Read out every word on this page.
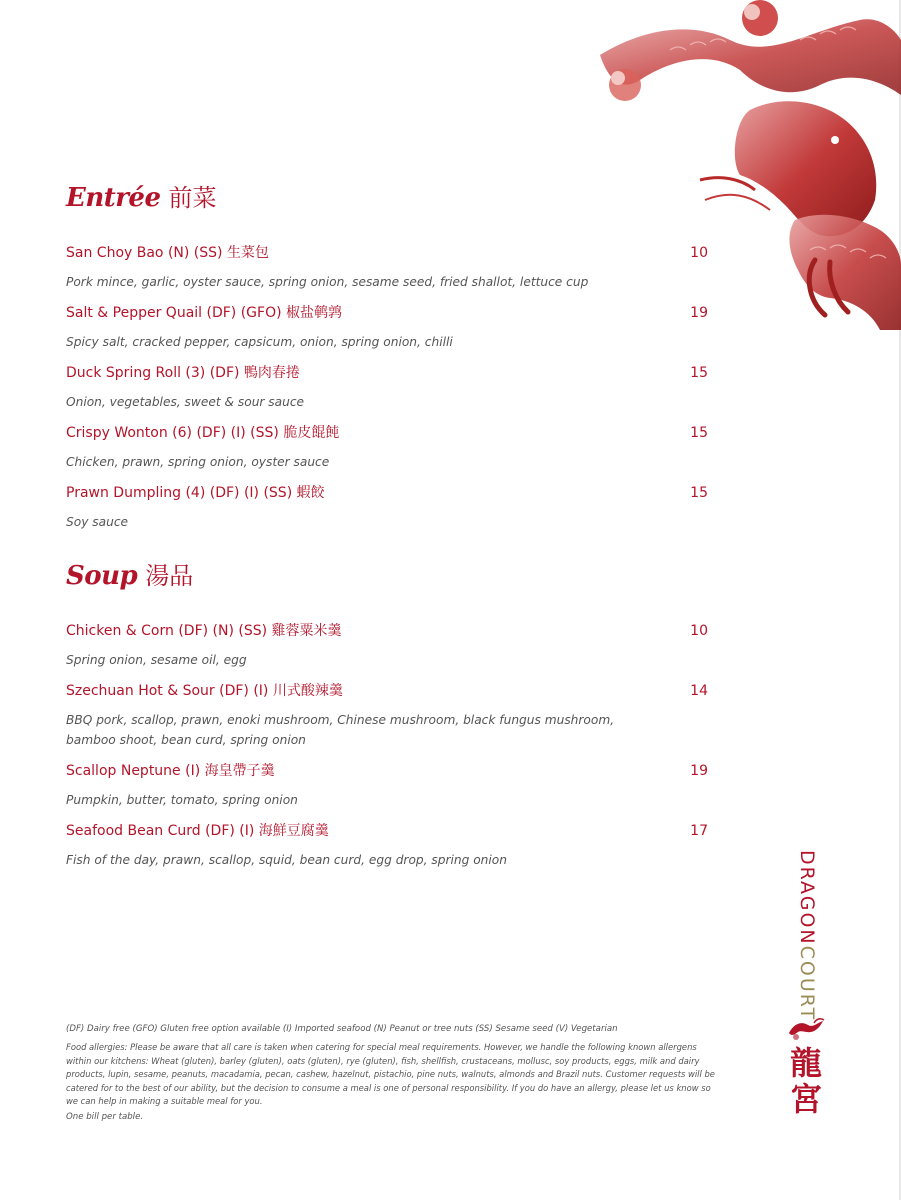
Entrée 前菜
San Choy Bao (N) (SS) 生菜包	10
Pork mince, garlic, oyster sauce, spring onion, sesame seed, fried shallot, lettuce cup
Salt & Pepper Quail (DF) (GFO) 椒盐鹌鹑	19
Spicy salt, cracked pepper, capsicum, onion, spring onion, chilli
Duck Spring Roll (3) (DF) 鴨肉春捲	15
Onion, vegetables, sweet & sour sauce
Crispy Wonton (6) (DF) (I) (SS) 脆皮餛飩	15
Chicken, prawn, spring onion, oyster sauce
Prawn Dumpling (4) (DF) (I) (SS) 蝦餃	15
Soy sauce
Soup 湯品
Chicken & Corn (DF) (N) (SS) 雞蓉粟米羹	10
Spring onion, sesame oil, egg
Szechuan Hot & Sour (DF) (I) 川式酸辣羹	14
BBQ pork, scallop, prawn, enoki mushroom, Chinese mushroom, black fungus mushroom, bamboo shoot, bean curd, spring onion
Scallop Neptune (I) 海皇帶子羹	19
Pumpkin, butter, tomato, spring onion
Seafood Bean Curd (DF) (I) 海鮮豆腐羹	17
Fish of the day, prawn, scallop, squid, bean curd, egg drop, spring onion
(DF) Dairy free (GFO) Gluten free option available (I) Imported seafood (N) Peanut or tree nuts (SS) Sesame seed (V) Vegetarian
Food allergies: Please be aware that all care is taken when catering for special meal requirements. However, we handle the following known allergens within our kitchens: Wheat (gluten), barley (gluten), oats (gluten), rye (gluten), fish, shellfish, crustaceans, mollusc, soy products, eggs, milk and dairy products, lupin, sesame, peanuts, macadamia, pecan, cashew, hazelnut, pistachio, pine nuts, walnuts, almonds and Brazil nuts. Customer requests will be catered for to the best of our ability, but the decision to consume a meal is one of personal responsibility. If you do have an allergy, please let us know so we can help in making a suitable meal for you.
One bill per table.
DRAGONCOURT
龍
宮
